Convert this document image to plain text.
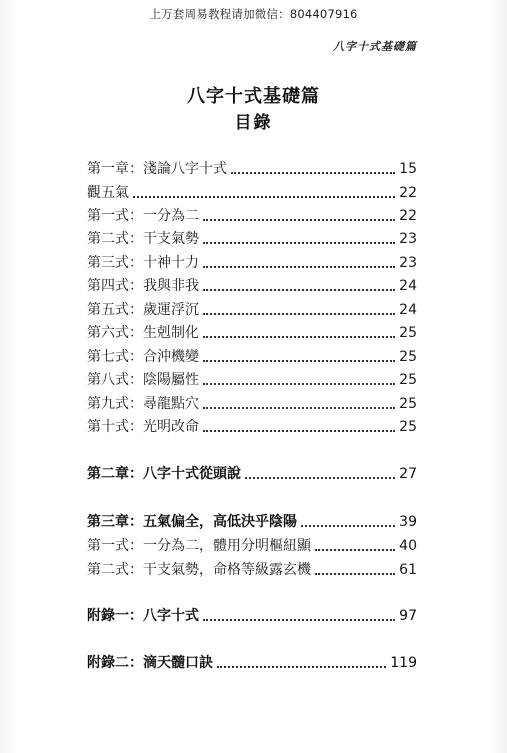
上万套周易教程请加微信：804407916
八字十式基礎篇
八字十式基礎篇
目錄
第一章：淺論八字十式	15
觀五氣	22
第一式：一分為二	22
第二式：干支氣勢	23
第三式：十神十力	23
第四式：我與非我	24
第五式：歲運浮沉	24
第六式：生剋制化	25
第七式：合沖機變	25
第八式：陰陽屬性	25
第九式：尋龍點穴	25
第十式：光明改命	25
第二章：八字十式從頭說	27
第三章：五氣偏全，高低決乎陰陽	39
第一式：一分為二，體用分明樞紐顯	40
第二式：干支氣勢，命格等級露玄機	61
附錄一：八字十式	97
附錄二：滴天髓口訣	119
